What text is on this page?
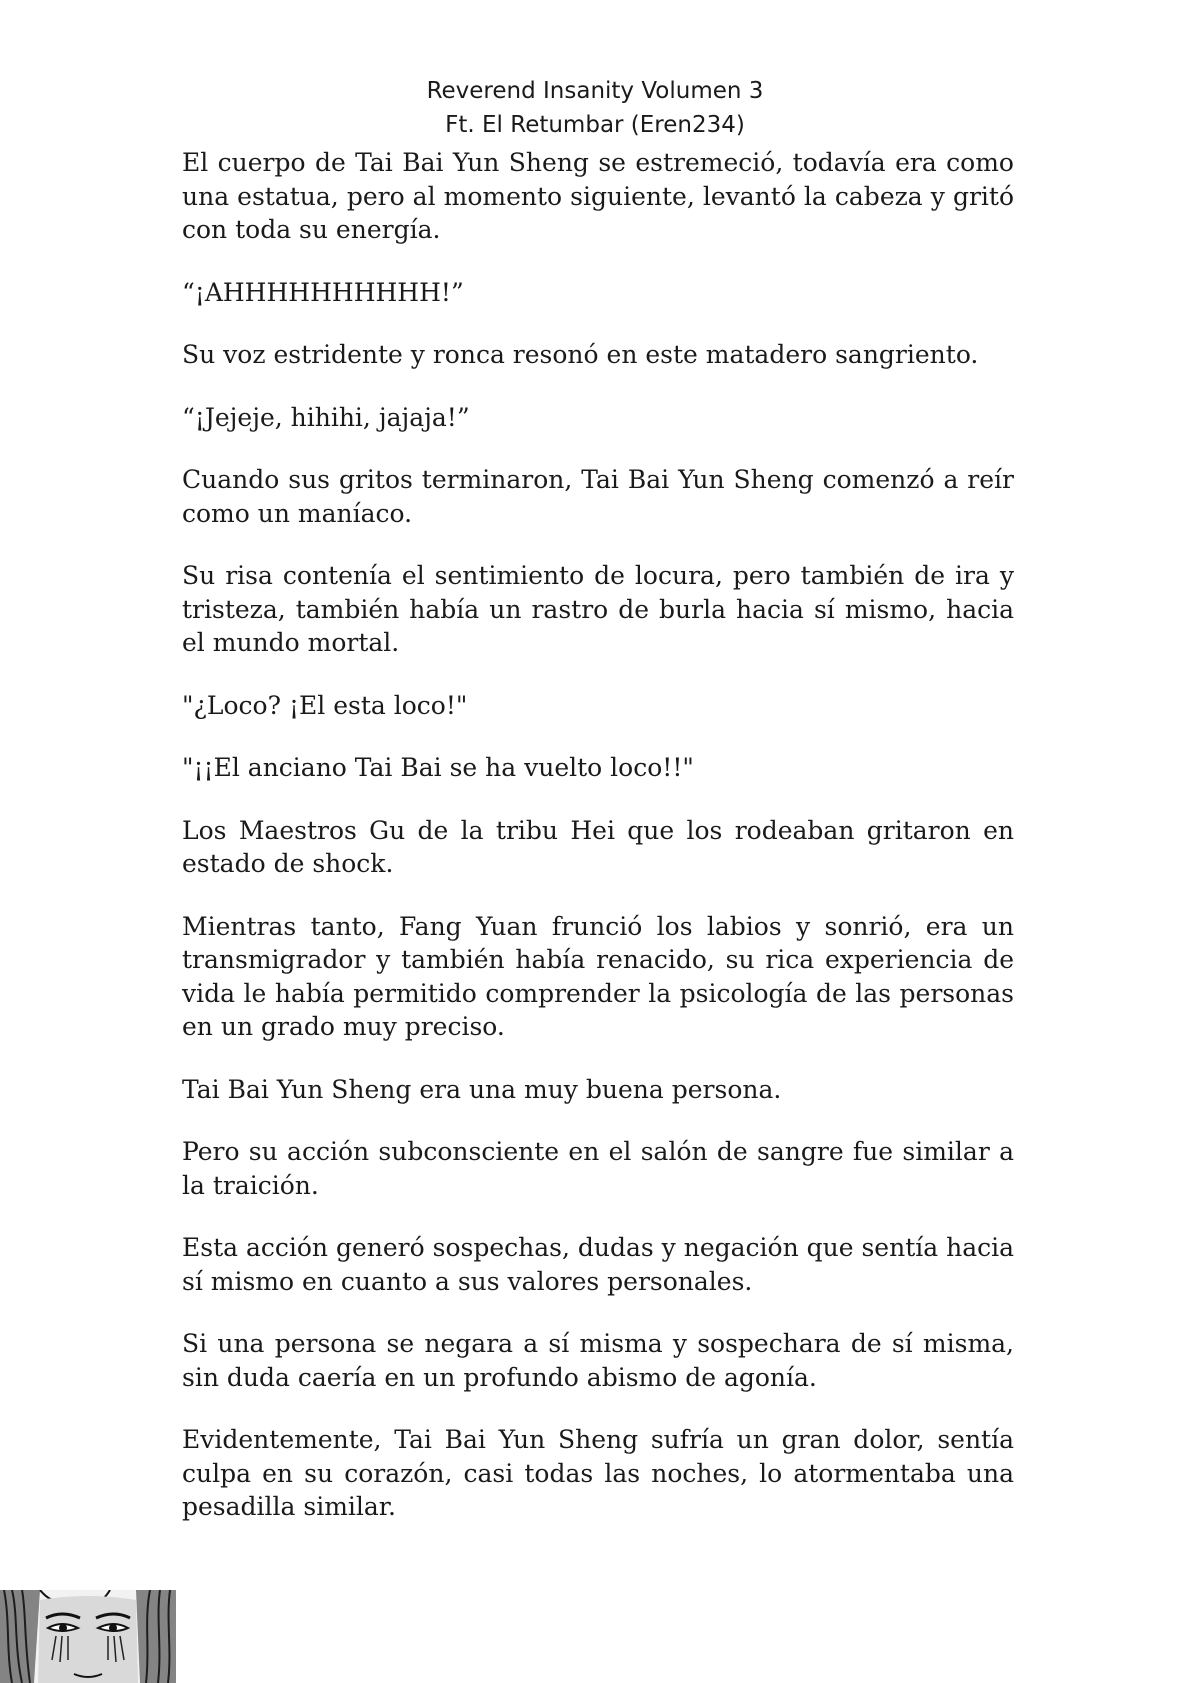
Reverend Insanity Volumen 3
Ft. El Retumbar (Eren234)

El cuerpo de Tai Bai Yun Sheng se estremeció, todavía era como una estatua, pero al momento siguiente, levantó la cabeza y gritó con toda su energía.

“¡AHHHHHHHHHH!”

Su voz estridente y ronca resonó en este matadero sangriento.

“¡Jejeje, hihihi, jajaja!”

Cuando sus gritos terminaron, Tai Bai Yun Sheng comenzó a reír como un maníaco.

Su risa contenía el sentimiento de locura, pero también de ira y tristeza, también había un rastro de burla hacia sí mismo, hacia el mundo mortal.

"¿Loco? ¡El esta loco!"

"¡¡El anciano Tai Bai se ha vuelto loco!!"

Los Maestros Gu de la tribu Hei que los rodeaban gritaron en estado de shock.

Mientras tanto, Fang Yuan frunció los labios y sonrió, era un transmigrador y también había renacido, su rica experiencia de vida le había permitido comprender la psicología de las personas en un grado muy preciso.

Tai Bai Yun Sheng era una muy buena persona.

Pero su acción subconsciente en el salón de sangre fue similar a la traición.

Esta acción generó sospechas, dudas y negación que sentía hacia sí mismo en cuanto a sus valores personales.

Si una persona se negara a sí misma y sospechara de sí misma, sin duda caería en un profundo abismo de agonía.

Evidentemente, Tai Bai Yun Sheng sufría un gran dolor, sentía culpa en su corazón, casi todas las noches, lo atormentaba una pesadilla similar.
